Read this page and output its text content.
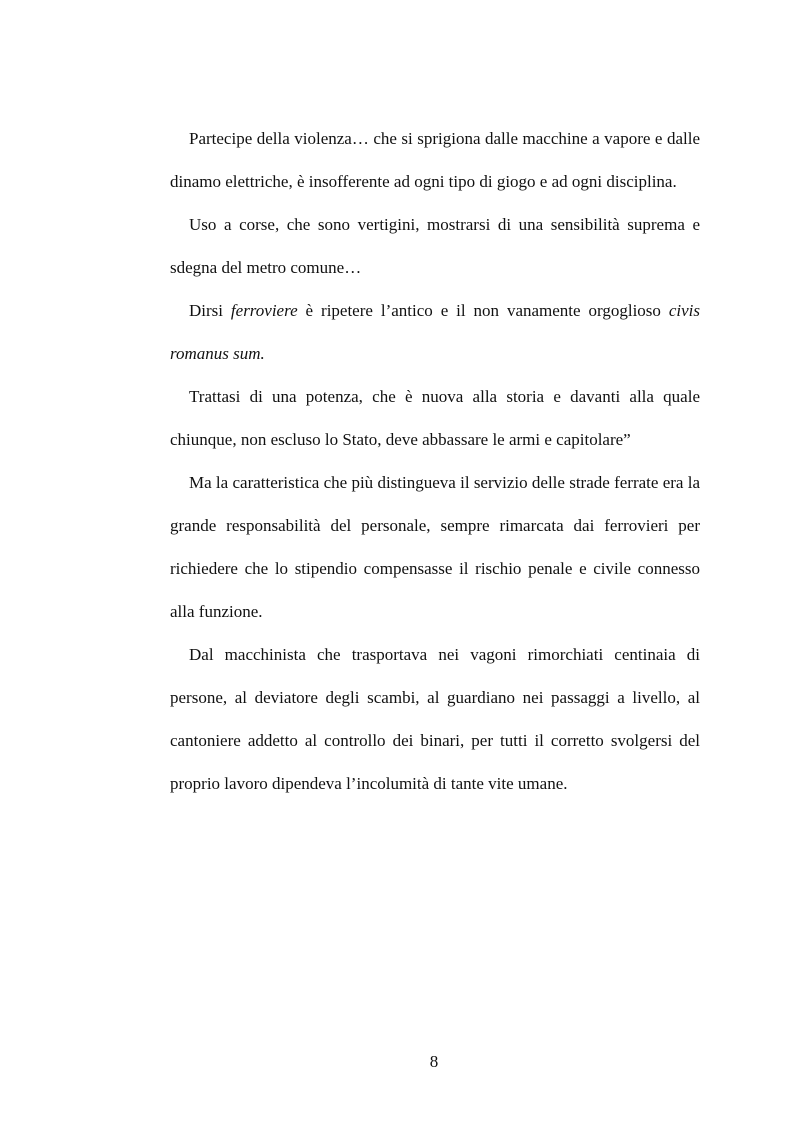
Partecipe della violenza… che si sprigiona dalle macchine a vapore e dalle dinamo elettriche, è insofferente ad ogni tipo di giogo e ad ogni disciplina.

Uso a corse, che sono vertigini, mostrarsi di una sensibilità suprema e sdegna del metro comune…

Dirsi ferroviere è ripetere l’antico e il non vanamente orgoglioso civis romanus sum.

Trattasi di una potenza, che è nuova alla storia e davanti alla quale chiunque, non escluso lo Stato, deve abbassare le armi e capitolare”

Ma la caratteristica che più distingueva il servizio delle strade ferrate era la grande responsabilità del personale, sempre rimarcata dai ferrovieri per richiedere che lo stipendio compensasse il rischio penale e civile connesso alla funzione.

Dal macchinista che trasportava nei vagoni rimorchiati centinaia di persone, al deviatore degli scambi, al guardiano nei passaggi a livello, al cantoniere addetto al controllo dei binari, per tutti il corretto svolgersi del proprio lavoro dipendeva l’incolumità di tante vite umane.

8
